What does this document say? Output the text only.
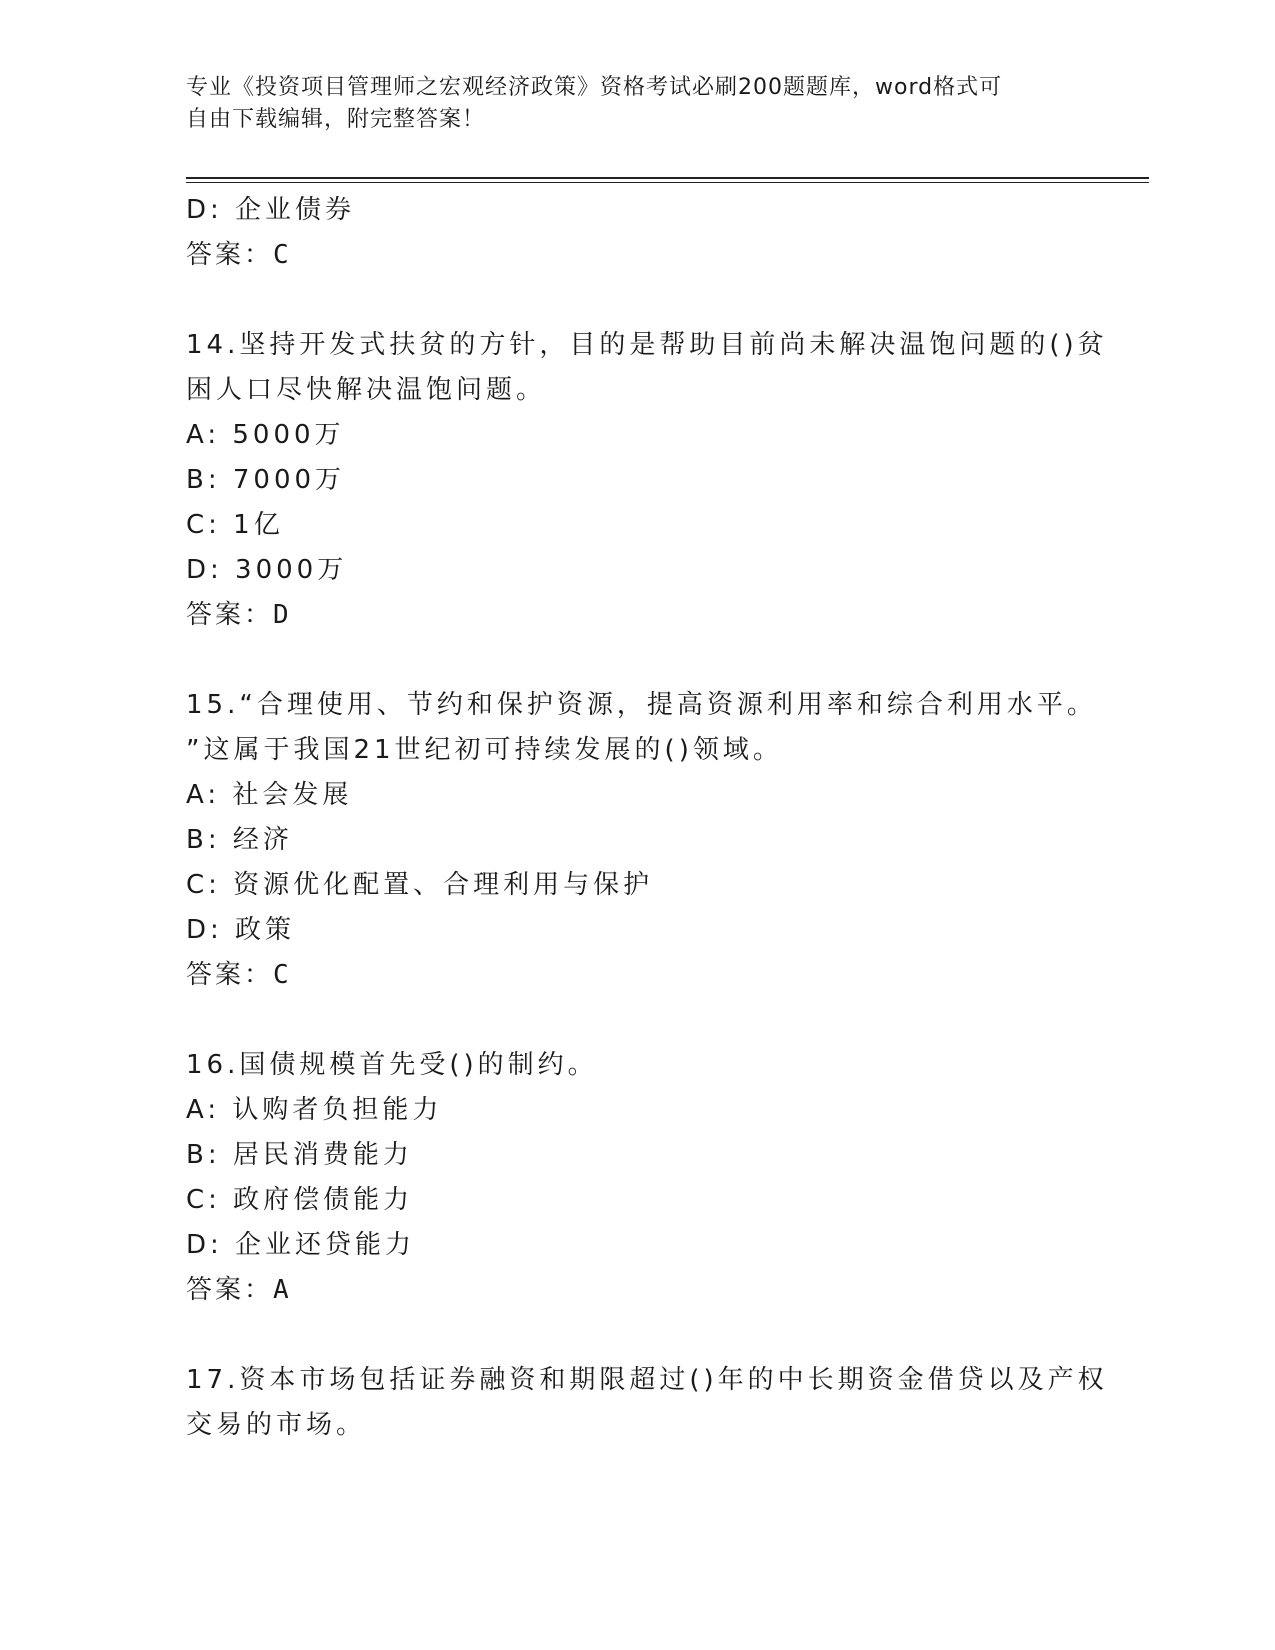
专业《投资项目管理师之宏观经济政策》资格考试必刷200题题库，word格式可
自由下载编辑，附完整答案！
D: 企业债券
答案：C
14.坚持开发式扶贫的方针，目的是帮助目前尚未解决温饱问题的()贫
困人口尽快解决温饱问题。
A: 5000万
B: 7000万
C: 1亿
D: 3000万
答案：D
15.“合理使用、节约和保护资源，提高资源利用率和综合利用水平。
”这属于我国21世纪初可持续发展的()领域。
A: 社会发展
B: 经济
C: 资源优化配置、合理利用与保护
D: 政策
答案：C
16.国债规模首先受()的制约。
A: 认购者负担能力
B: 居民消费能力
C: 政府偿债能力
D: 企业还贷能力
答案：A
17.资本市场包括证券融资和期限超过()年的中长期资金借贷以及产权
交易的市场。
